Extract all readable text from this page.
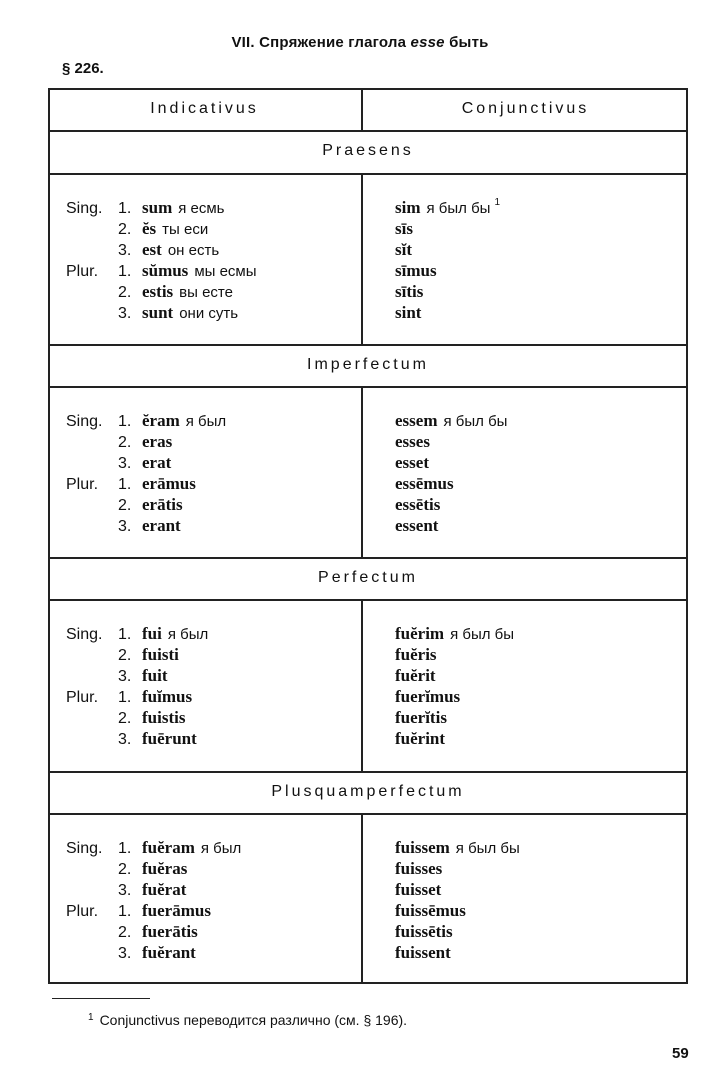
VII. Спряжение глагола esse быть
§ 226.
Indicativus	Conjunctivus
Praesens
Sing. 1. sum я есмь
2. ĕs ты еси
3. est он есть
Plur. 1. sŭmus мы есмы
2. estis вы есте
3. sunt они суть
sim я был бы $^1$
sīs
sĭt
sīmus
sītis
sint
Imperfectum
Sing. 1. ĕram я был
2. eras
3. erat
Plur. 1. erāmus
2. erātis
3. erant
essem я был бы
esses
esset
essēmus
essētis
essent
Perfectum
Sing. 1. fui я был
2. fuisti
3. fuit
Plur. 1. fuĭmus
2. fuistis
3. fuērunt
fuĕrim я был бы
fuĕris
fuĕrit
fuerĭmus
fuerĭtis
fuĕrint
Plusquamperfectum
Sing. 1. fuĕram я был
2. fuĕras
3. fuĕrat
Plur. 1. fuerāmus
2. fuerātis
3. fuĕrant
fuissem я был бы
fuisses
fuisset
fuissēmus
fuissētis
fuissent
$^1$ Conjunctivus переводится различно (см. § 196).
59
